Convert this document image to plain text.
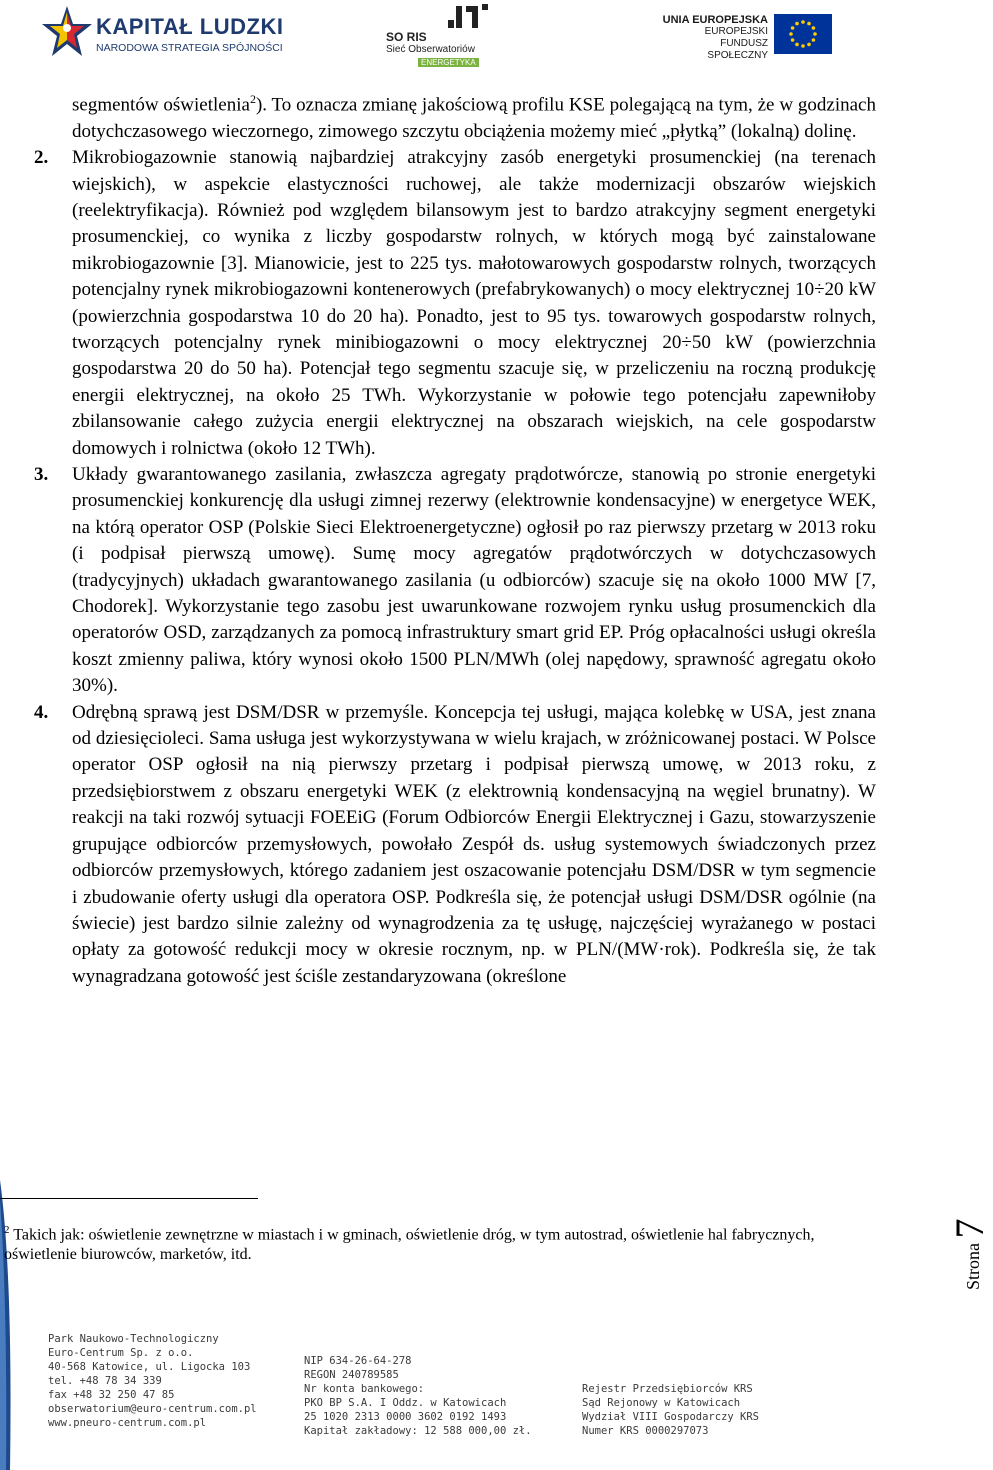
KAPITAŁ LUDZKI
NARODOWA STRATEGIA SPÓJNOŚCI
SO RIS
Sieć Obserwatoriów
ENERGETYKA
UNIA EUROPEJSKA
EUROPEJSKI
FUNDUSZ SPOŁECZNY

segmentów oświetlenia$^2$). To oznacza zmianę jakościową profilu KSE polegającą na tym, że w godzinach dotychczasowego wieczornego, zimowego szczytu obciążenia możemy mieć „płytką” (lokalną) dolinę.

2. Mikrobiogazownie stanowią najbardziej atrakcyjny zasób energetyki prosumenckiej (na terenach wiejskich), w aspekcie elastyczności ruchowej, ale także modernizacji obszarów wiejskich (reelektryfikacja). Również pod względem bilansowym jest to bardzo atrakcyjny segment energetyki prosumenckiej, co wynika z liczby gospodarstw rolnych, w których mogą być zainstalowane mikrobiogazownie [3]. Mianowicie, jest to 225 tys. małotowarowych gospodarstw rolnych, tworzących potencjalny rynek mikrobiogazowni kontenerowych (prefabrykowanych) o mocy elektrycznej 10÷20 kW (powierzchnia gospodarstwa 10 do 20 ha). Ponadto, jest to 95 tys. towarowych gospodarstw rolnych, tworzących potencjalny rynek minibiogazowni o mocy elektrycznej 20÷50 kW (powierzchnia gospodarstwa 20 do 50 ha). Potencjał tego segmentu szacuje się, w przeliczeniu na roczną produkcję energii elektrycznej, na około 25 TWh. Wykorzystanie w połowie tego potencjału zapewniłoby zbilansowanie całego zużycia energii elektrycznej na obszarach wiejskich, na cele gospodarstw domowych i rolnictwa (około 12 TWh).

3. Układy gwarantowanego zasilania, zwłaszcza agregaty prądotwórcze, stanowią po stronie energetyki prosumenckiej konkurencję dla usługi zimnej rezerwy (elektrownie kondensacyjne) w energetyce WEK, na którą operator OSP (Polskie Sieci Elektroenergetyczne) ogłosił po raz pierwszy przetarg w 2013 roku (i podpisał pierwszą umowę). Sumę mocy agregatów prądotwórczych w dotychczasowych (tradycyjnych) układach gwarantowanego zasilania (u odbiorców) szacuje się na około 1000 MW [7, Chodorek]. Wykorzystanie tego zasobu jest uwarunkowane rozwojem rynku usług prosumenckich dla operatorów OSD, zarządzanych za pomocą infrastruktury smart grid EP. Próg opłacalności usługi określa koszt zmienny paliwa, który wynosi około 1500 PLN/MWh (olej napędowy, sprawność agregatu około 30%).

4. Odrębną sprawą jest DSM/DSR w przemyśle. Koncepcja tej usługi, mająca kolebkę w USA, jest znana od dziesięcioleci. Sama usługa jest wykorzystywana w wielu krajach, w zróżnicowanej postaci. W Polsce operator OSP ogłosił na nią pierwszy przetarg i podpisał pierwszą umowę, w 2013 roku, z przedsiębiorstwem z obszaru energetyki WEK (z elektrownią kondensacyjną na węgiel brunatny). W reakcji na taki rozwój sytuacji FOEEiG (Forum Odbiorców Energii Elektrycznej i Gazu, stowarzyszenie grupujące odbiorców przemysłowych, powołało Zespół ds. usług systemowych świadczonych przez odbiorców przemysłowych, którego zadaniem jest oszacowanie potencjału DSM/DSR w tym segmencie i zbudowanie oferty usługi dla operatora OSP. Podkreśla się, że potencjał usługi DSM/DSR ogólnie (na świecie) jest bardzo silnie zależny od wynagrodzenia za tę usługę, najczęściej wyrażanego w postaci opłaty za gotowość redukcji mocy w okresie rocznym, np. w PLN/(MW·rok). Podkreśla się, że tak wynagradzana gotowość jest ściśle zestandaryzowana (określone

$^2$ Takich jak: oświetlenie zewnętrzne w miastach i w gminach, oświetlenie dróg, w tym autostrad, oświetlenie hal fabrycznych, oświetlenie biurowców, marketów, itd.	Strona 7
Park Naukowo-Technologiczny
Euro-Centrum Sp. z o.o.
40-568 Katowice, ul. Ligocka 103
tel. +48 78 34 339
fax +48 32 250 47 85
obserwatorium@euro-centrum.com.pl
www.pneuro-centrum.com.pl
NIP 634-26-64-278
REGON 240789585
Nr konta bankowego:
PKO BP S.A. I Oddz. w Katowicach
25 1020 2313 0000 3602 0192 1493
Kapitał zakładowy: 12 588 000,00 zł.
Rejestr Przedsiębiorców KRS
Sąd Rejonowy w Katowicach
Wydział VIII Gospodarczy KRS
Numer KRS 0000297073
